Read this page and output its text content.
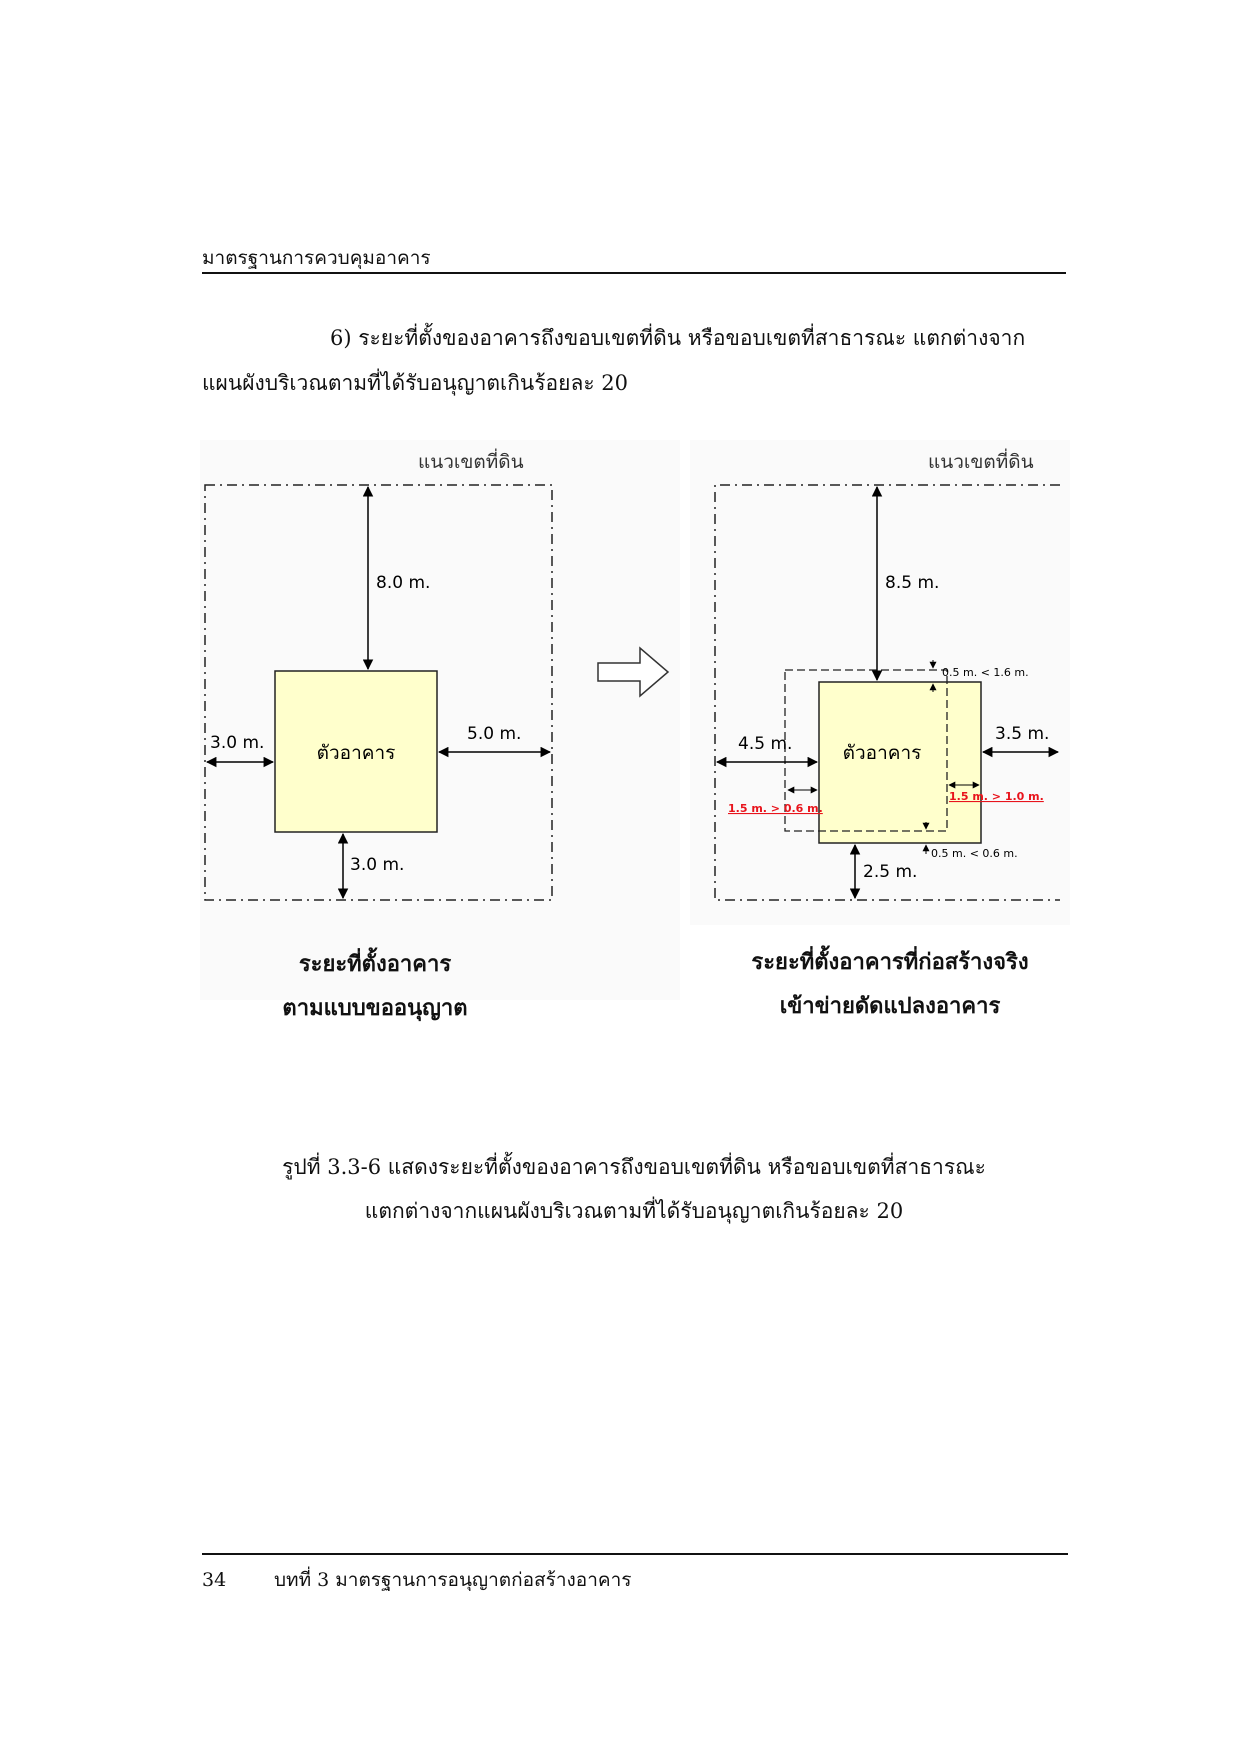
มาตรฐานการควบคุมอาคาร
6) ระยะที่ตั้งของอาคารถึงขอบเขตที่ดิน หรือขอบเขตที่สาธารณะ แตกต่างจาก
แผนผังบริเวณตามที่ได้รับอนุญาตเกินร้อยละ 20
แนวเขตที่ดิน
ตัวอาคาร
8.0 m.
3.0 m.	5.0 m.
3.0 m.
แนวเขตที่ดิน
ตัวอาคาร
8.5 m.
4.5 m.	3.5 m.
2.5 m.
0.5 m. < 1.6 m.
0.5 m. < 0.6 m.
1.5 m. > 0.6 m.
1.5 m. > 1.0 m.
ระยะที่ตั้งอาคาร
ตามแบบขออนุญาต
ระยะที่ตั้งอาคารที่ก่อสร้างจริง
เข้าข่ายดัดแปลงอาคาร
รูปที่ 3.3-6 แสดงระยะที่ตั้งของอาคารถึงขอบเขตที่ดิน หรือขอบเขตที่สาธารณะ
แตกต่างจากแผนผังบริเวณตามที่ได้รับอนุญาตเกินร้อยละ 20
34	บทที่ 3 มาตรฐานการอนุญาตก่อสร้างอาคาร
